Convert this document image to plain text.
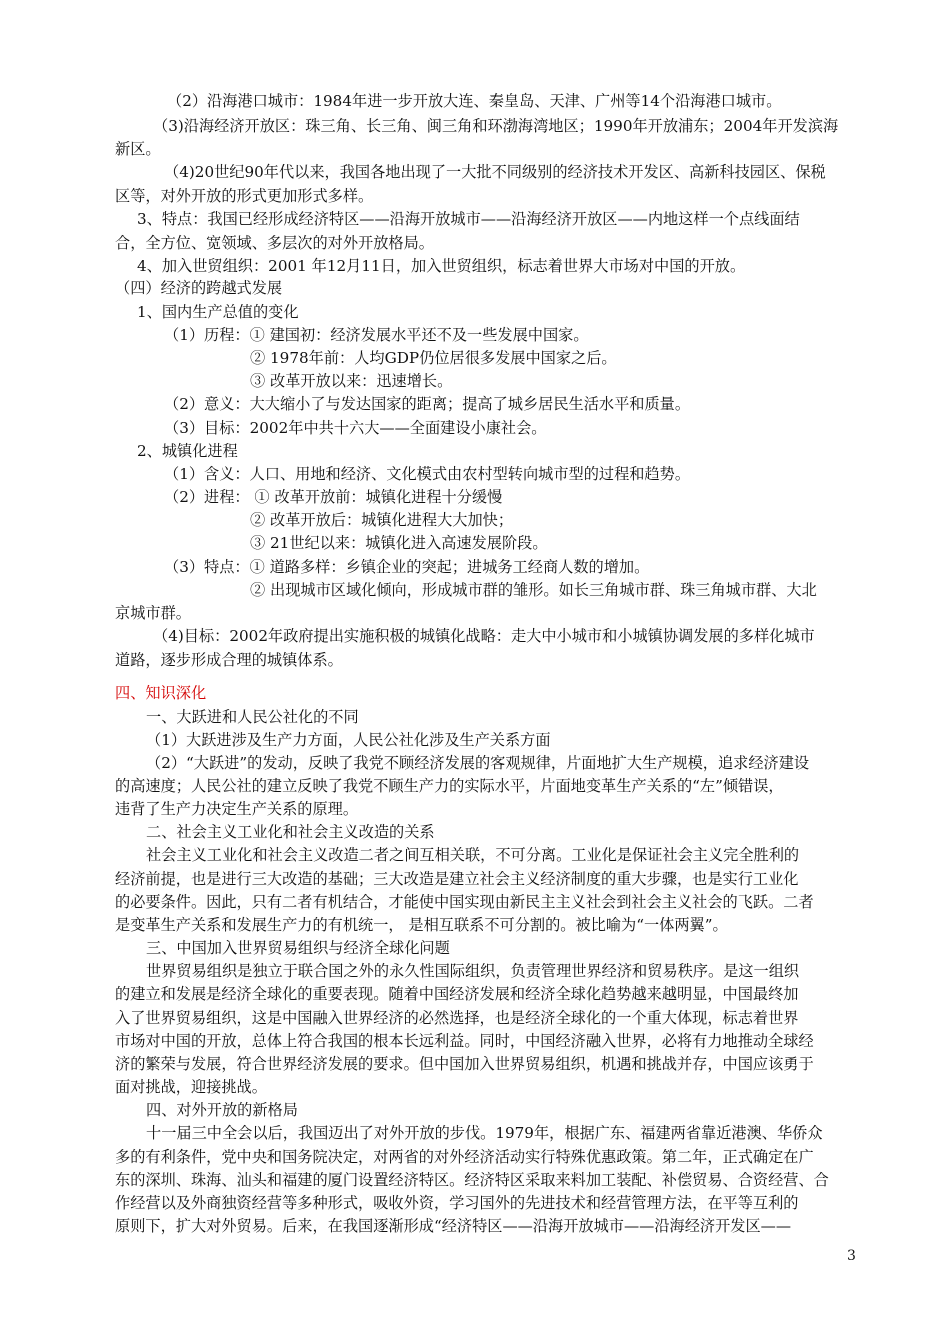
（2）沿海港口城市：1984年进一步开放大连、秦皇岛、天津、广州等14个沿海港口城市。
（3)沿海经济开放区：珠三角、长三角、闽三角和环渤海湾地区；1990年开放浦东；2004年开发滨海
新区。
（4)20世纪90年代以来，我国各地出现了一大批不同级别的经济技术开发区、高新科技园区、保税
区等，对外开放的形式更加形式多样。
3、特点：我国已经形成经济特区——沿海开放城市——沿海经济开放区——内地这样一个点线面结
合，全方位、宽领域、多层次的对外开放格局。
4、加入世贸组织：2001 年12月11日，加入世贸组织，标志着世界大市场对中国的开放。
（四）经济的跨越式发展
1、国内生产总值的变化
（1）历程：① 建国初：经济发展水平还不及一些发展中国家。
② 1978年前：人均GDP仍位居很多发展中国家之后。
③ 改革开放以来：迅速增长。
（2）意义：大大缩小了与发达国家的距离；提高了城乡居民生活水平和质量。
（3）目标：2002年中共十六大——全面建设小康社会。
2、城镇化进程
（1）含义：人口、用地和经济、文化模式由农村型转向城市型的过程和趋势。
（2）进程： ① 改革开放前：城镇化进程十分缓慢
② 改革开放后：城镇化进程大大加快；
③ 21世纪以来：城镇化进入高速发展阶段。
（3）特点：① 道路多样：乡镇企业的突起；进城务工经商人数的增加。
② 出现城市区域化倾向，形成城市群的雏形。如长三角城市群、珠三角城市群、大北
京城市群。
（4)目标：2002年政府提出实施积极的城镇化战略：走大中小城市和小城镇协调发展的多样化城市
道路，逐步形成合理的城镇体系。
四、知识深化
一、大跃进和人民公社化的不同
（1）大跃进涉及生产力方面，人民公社化涉及生产关系方面
（2）“大跃进”的发动，反映了我党不顾经济发展的客观规律，片面地扩大生产规模，追求经济建设
的高速度；人民公社的建立反映了我党不顾生产力的实际水平，片面地变革生产关系的“左”倾错误，
违背了生产力决定生产关系的原理。
二、社会主义工业化和社会主义改造的关系
社会主义工业化和社会主义改造二者之间互相关联，不可分离。工业化是保证社会主义完全胜利的
经济前提，也是进行三大改造的基础；三大改造是建立社会主义经济制度的重大步骤，也是实行工业化
的必要条件。因此，只有二者有机结合，才能使中国实现由新民主主义社会到社会主义社会的飞跃。二者
是变革生产关系和发展生产力的有机统一， 是相互联系不可分割的。被比喻为“一体两翼”。
三、中国加入世界贸易组织与经济全球化问题
世界贸易组织是独立于联合国之外的永久性国际组织，负责管理世界经济和贸易秩序。是这一组织
的建立和发展是经济全球化的重要表现。随着中国经济发展和经济全球化趋势越来越明显，中国最终加
入了世界贸易组织，这是中国融入世界经济的必然选择，也是经济全球化的一个重大体现，标志着世界
市场对中国的开放，总体上符合我国的根本长远利益。同时，中国经济融入世界，必将有力地推动全球经
济的繁荣与发展，符合世界经济发展的要求。但中国加入世界贸易组织，机遇和挑战并存，中国应该勇于
面对挑战，迎接挑战。
四、对外开放的新格局
十一届三中全会以后，我国迈出了对外开放的步伐。1979年，根据广东、福建两省靠近港澳、华侨众
多的有利条件，党中央和国务院决定，对两省的对外经济活动实行特殊优惠政策。第二年，正式确定在广
东的深圳、珠海、汕头和福建的厦门设置经济特区。经济特区采取来料加工装配、补偿贸易、合资经营、合
作经营以及外商独资经营等多种形式，吸收外资，学习国外的先进技术和经营管理方法，在平等互利的
原则下，扩大对外贸易。后来，在我国逐渐形成“经济特区——沿海开放城市——沿海经济开发区——
3
